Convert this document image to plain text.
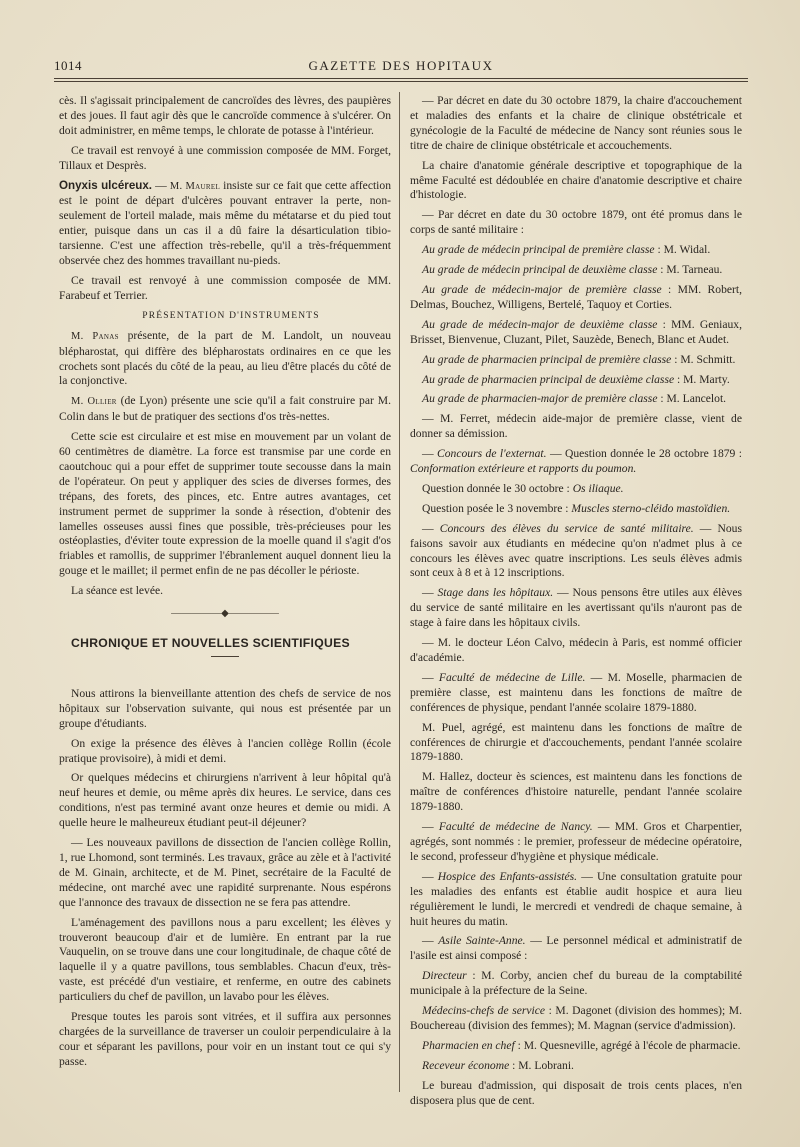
1014	GAZETTE DES HOPITAUX

cès. Il s'agissait principalement de cancroïdes des lèvres, des paupières et des joues. Il faut agir dès que le cancroïde commence à s'ulcérer. On doit administrer, en même temps, le chlorate de potasse à l'intérieur.

Ce travail est renvoyé à une commission composée de MM. Forget, Tillaux et Desprès.

Onyxis ulcéreux. — M. Maurel insiste sur ce fait que cette affection est le point de départ d'ulcères pouvant entraver la perte, non-seulement de l'orteil malade, mais même du métatarse et du pied tout entier, puisque dans un cas il a dû faire la désarticulation tibio-tarsienne. C'est une affection très-rebelle, qu'il a très-fréquemment observée chez des hommes travaillant nu-pieds.

Ce travail est renvoyé à une commission composée de MM. Farabeuf et Terrier.

PRÉSENTATION D'INSTRUMENTS

M. Panas présente, de la part de M. Landolt, un nouveau blépharostat, qui diffère des blépharostats ordinaires en ce que les crochets sont placés du côté de la peau, au lieu d'être placés du côté de la conjonctive.

M. Ollier (de Lyon) présente une scie qu'il a fait construire par M. Colin dans le but de pratiquer des sections d'os très-nettes.

Cette scie est circulaire et est mise en mouvement par un volant de 60 centimètres de diamètre. La force est transmise par une corde en caoutchouc qui a pour effet de supprimer toute secousse dans la main de l'opérateur. On peut y appliquer des scies de diverses formes, des trépans, des forets, des pinces, etc. Entre autres avantages, cet instrument permet de supprimer la sonde à résection, d'obtenir des lamelles osseuses aussi fines que possible, très-précieuses pour les ostéoplasties, d'éviter toute expression de la moelle quand il s'agit d'os friables et ramollis, de supprimer l'ébranlement auquel donnent lieu la gouge et le maillet; il permet enfin de ne pas décoller le périoste.

La séance est levée.

—————◆—————

CHRONIQUE ET NOUVELLES SCIENTIFIQUES

Nous attirons la bienveillante attention des chefs de service de nos hôpitaux sur l'observation suivante, qui nous est présentée par un groupe d'étudiants.

On exige la présence des élèves à l'ancien collège Rollin (école pratique provisoire), à midi et demi.

Or quelques médecins et chirurgiens n'arrivent à leur hôpital qu'à neuf heures et demie, ou même après dix heures. Le service, dans ces conditions, n'est pas terminé avant onze heures et demie ou midi. A quelle heure le malheureux étudiant peut-il déjeuner?

— Les nouveaux pavillons de dissection de l'ancien collège Rollin, 1, rue Lhomond, sont terminés. Les travaux, grâce au zèle et à l'activité de M. Ginain, architecte, et de M. Pinet, secrétaire de la Faculté de médecine, ont marché avec une rapidité surprenante. Nous espérons que l'annonce des travaux de dissection ne se fera pas attendre.

L'aménagement des pavillons nous a paru excellent; les élèves y trouveront beaucoup d'air et de lumière. En entrant par la rue Vauquelin, on se trouve dans une cour longitudinale, de chaque côté de laquelle il y a quatre pavillons, tous semblables. Chacun d'eux, très-vaste, est précédé d'un vestiaire, et renferme, en outre des cabinets particuliers du chef de pavillon, un lavabo pour les élèves.

Presque toutes les parois sont vitrées, et il suffira aux personnes chargées de la surveillance de traverser un couloir perpendiculaire à la cour et séparant les pavillons, pour voir en un instant tout ce qui s'y passe.

— Par décret en date du 30 octobre 1879, la chaire d'accouchement et maladies des enfants et la chaire de clinique obstétricale et gynécologie de la Faculté de médecine de Nancy sont réunies sous le titre de chaire de clinique obstétricale et accouchements.

La chaire d'anatomie générale descriptive et topographique de la même Faculté est dédoublée en chaire d'anatomie descriptive et chaire d'histologie.

— Par décret en date du 30 octobre 1879, ont été promus dans le corps de santé militaire :

Au grade de médecin principal de première classe : M. Widal.

Au grade de médecin principal de deuxième classe : M. Tarneau.

Au grade de médecin-major de première classe : MM. Robert, Delmas, Bouchez, Willigens, Bertelé, Taquoy et Corties.

Au grade de médecin-major de deuxième classe : MM. Geniaux, Brisset, Bienvenue, Cluzant, Pilet, Sauzède, Benech, Blanc et Audet.

Au grade de pharmacien principal de première classe : M. Schmitt.

Au grade de pharmacien principal de deuxième classe : M. Marty.

Au grade de pharmacien-major de première classe : M. Lancelot.

— M. Ferret, médecin aide-major de première classe, vient de donner sa démission.

— Concours de l'externat. — Question donnée le 28 octobre 1879 : Conformation extérieure et rapports du poumon.

Question donnée le 30 octobre : Os iliaque.

Question posée le 3 novembre : Muscles sterno-cléido mastoïdien.

— Concours des élèves du service de santé militaire. — Nous faisons savoir aux étudiants en médecine qu'on n'admet plus à ce concours les élèves avec quatre inscriptions. Les seuls élèves admis sont ceux à 8 et à 12 inscriptions.

— Stage dans les hôpitaux. — Nous pensons être utiles aux élèves du service de santé militaire en les avertissant qu'ils n'auront pas de stage à faire dans les hôpitaux civils.

— M. le docteur Léon Calvo, médecin à Paris, est nommé officier d'académie.

— Faculté de médecine de Lille. — M. Moselle, pharmacien de première classe, est maintenu dans les fonctions de maître de conférences de physique, pendant l'année scolaire 1879-1880.

M. Puel, agrégé, est maintenu dans les fonctions de maître de conférences de chirurgie et d'accouchements, pendant l'année scolaire 1879-1880.

M. Hallez, docteur ès sciences, est maintenu dans les fonctions de maître de conférences d'histoire naturelle, pendant l'année scolaire 1879-1880.

— Faculté de médecine de Nancy. — MM. Gros et Charpentier, agrégés, sont nommés : le premier, professeur de médecine opératoire, le second, professeur d'hygiène et physique médicale.

— Hospice des Enfants-assistés. — Une consultation gratuite pour les maladies des enfants est établie audit hospice et aura lieu régulièrement le lundi, le mercredi et vendredi de chaque semaine, à huit heures du matin.

— Asile Sainte-Anne. — Le personnel médical et administratif de l'asile est ainsi composé :

Directeur : M. Corby, ancien chef du bureau de la comptabilité municipale à la préfecture de la Seine.

Médecins-chefs de service : M. Dagonet (division des hommes); M. Bouchereau (division des femmes); M. Magnan (service d'admission).

Pharmacien en chef : M. Quesneville, agrégé à l'école de pharmacie.

Receveur économe : M. Lobrani.

Le bureau d'admission, qui disposait de trois cents places, n'en disposera plus que de cent.
